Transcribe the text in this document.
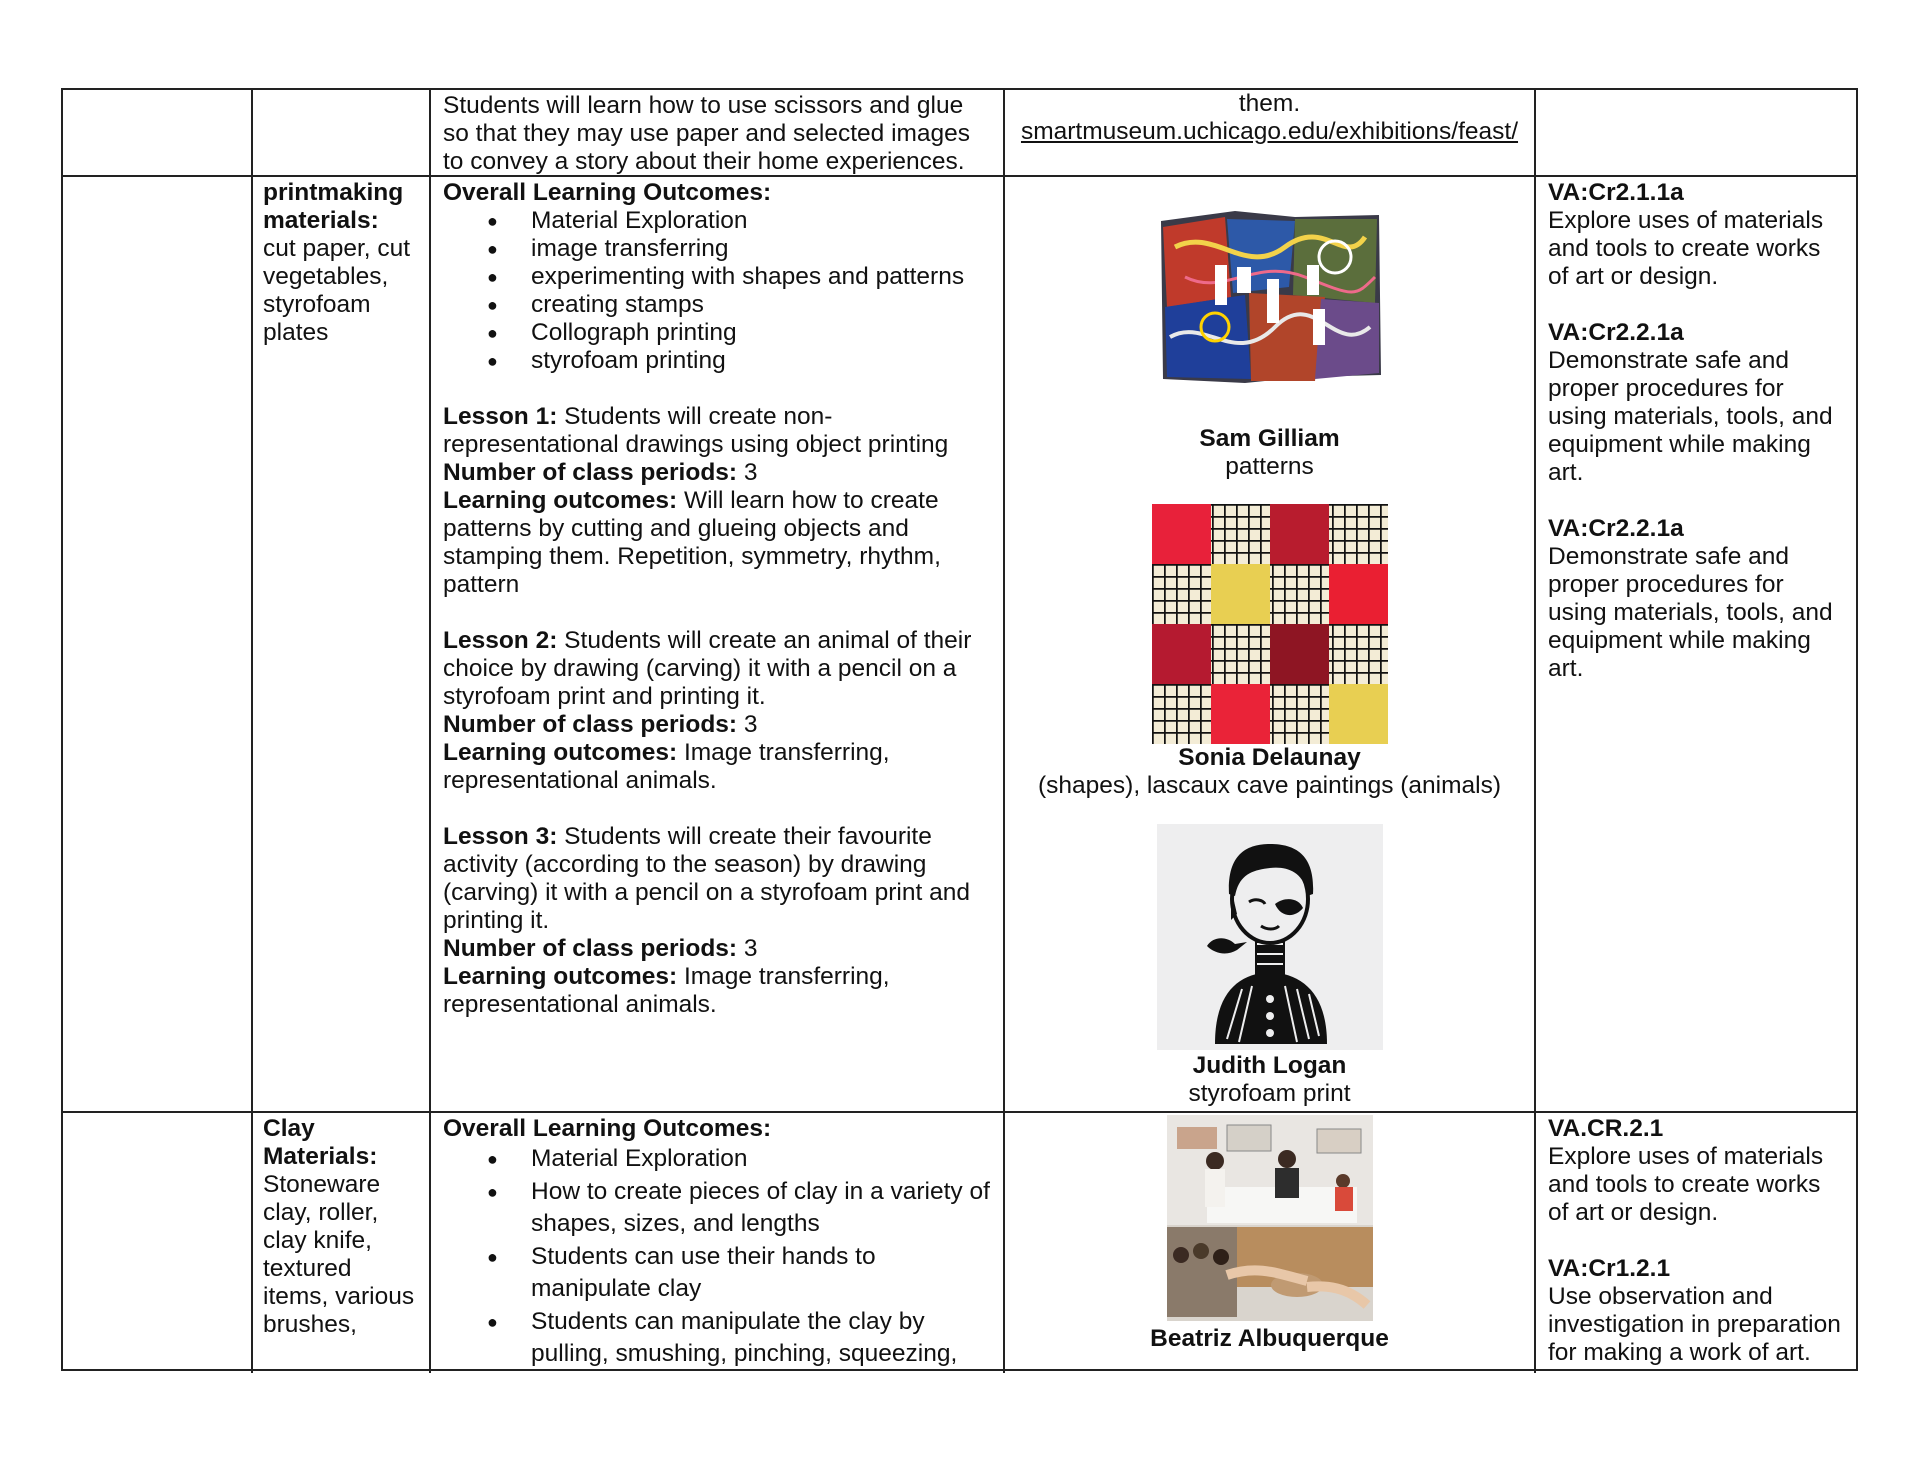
Students will learn how to use scissors and glue so that they may use paper and selected images to convey a story about their home experiences.

them.

smartmuseum.uchicago.edu/exhibitions/feast/

printmaking materials:

cut paper, cut vegetables, styrofoam plates

Overall Learning Outcomes:

● Material Exploration
● image transferring
● experimenting with shapes and patterns
● creating stamps
● Collograph printing
● styrofoam printing

Lesson 1: Students will create non-representational drawings using object printing

Number of class periods: 3

Learning outcomes: Will learn how to create patterns by cutting and glueing objects and stamping them. Repetition, symmetry, rhythm, pattern

Lesson 2: Students will create an animal of their choice by drawing (carving) it with a pencil on a styrofoam print and printing it.

Number of class periods: 3

Learning outcomes: Image transferring, representational animals.

Lesson 3: Students will create their favourite activity (according to the season) by drawing (carving) it with a pencil on a styrofoam print and printing it.

Number of class periods: 3

Learning outcomes: Image transferring, representational animals.

Sam Gilliam

patterns

Sonia Delaunay

(shapes), lascaux cave paintings (animals)

Judith Logan

styrofoam print

VA:Cr2.1.1a

Explore uses of materials and tools to create works of art or design.

VA:Cr2.2.1a

Demonstrate safe and proper procedures for using materials, tools, and equipment while making art.

VA:Cr2.2.1a

Demonstrate safe and proper procedures for using materials, tools, and equipment while making art.

Clay Materials:

Stoneware clay, roller, clay knife, textured items, various brushes,

Overall Learning Outcomes:

● Material Exploration
● How to create pieces of clay in a variety of shapes, sizes, and lengths
● Students can use their hands to manipulate clay
● Students can manipulate the clay by pulling, smushing, pinching, squeezing,

Beatriz Albuquerque

VA.CR.2.1

Explore uses of materials and tools to create works of art or design.

VA:Cr1.2.1

Use observation and investigation in preparation for making a work of art.
